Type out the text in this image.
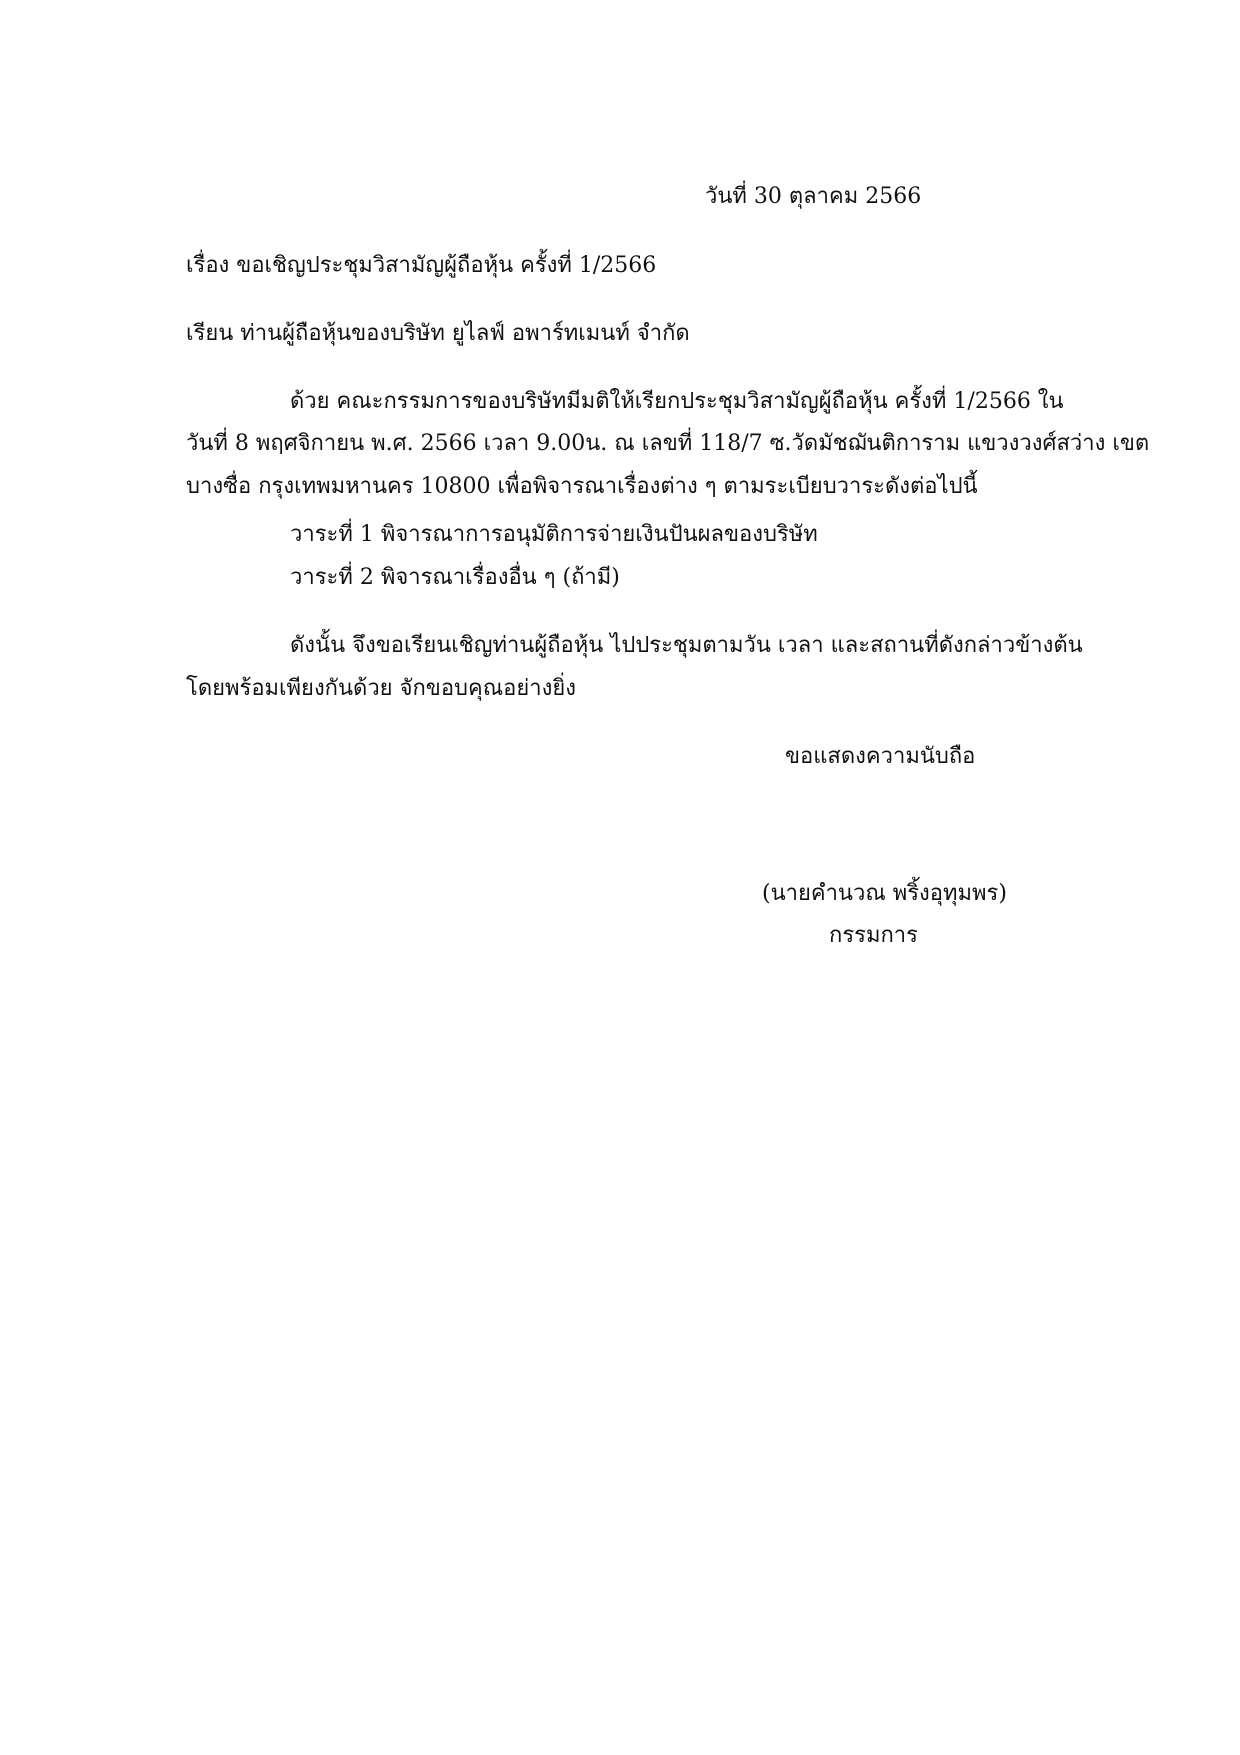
วันที่ 30 ตุลาคม 2566
เรื่อง ขอเชิญประชุมวิสามัญผู้ถือหุ้น ครั้งที่ 1/2566
เรียน ท่านผู้ถือหุ้นของบริษัท ยูไลฟ์ อพาร์ทเมนท์ จำกัด
ด้วย คณะกรรมการของบริษัทมีมติให้เรียกประชุมวิสามัญผู้ถือหุ้น ครั้งที่ 1/2566 ใน
วันที่ 8 พฤศจิกายน พ.ศ. 2566 เวลา 9.00น. ณ เลขที่ 118/7 ซ.วัดมัชฌันติการาม แขวงวงศ์สว่าง เขต
บางซื่อ กรุงเทพมหานคร 10800 เพื่อพิจารณาเรื่องต่าง ๆ ตามระเบียบวาระดังต่อไปนี้
วาระที่ 1 พิจารณาการอนุมัติการจ่ายเงินปันผลของบริษัท
วาระที่ 2 พิจารณาเรื่องอื่น ๆ (ถ้ามี)
ดังนั้น จึงขอเรียนเชิญท่านผู้ถือหุ้น ไปประชุมตามวัน เวลา และสถานที่ดังกล่าวข้างต้น
โดยพร้อมเพียงกันด้วย จักขอบคุณอย่างยิ่ง
ขอแสดงความนับถือ
(นายคำนวณ พริ้งอุทุมพร)
กรรมการ
